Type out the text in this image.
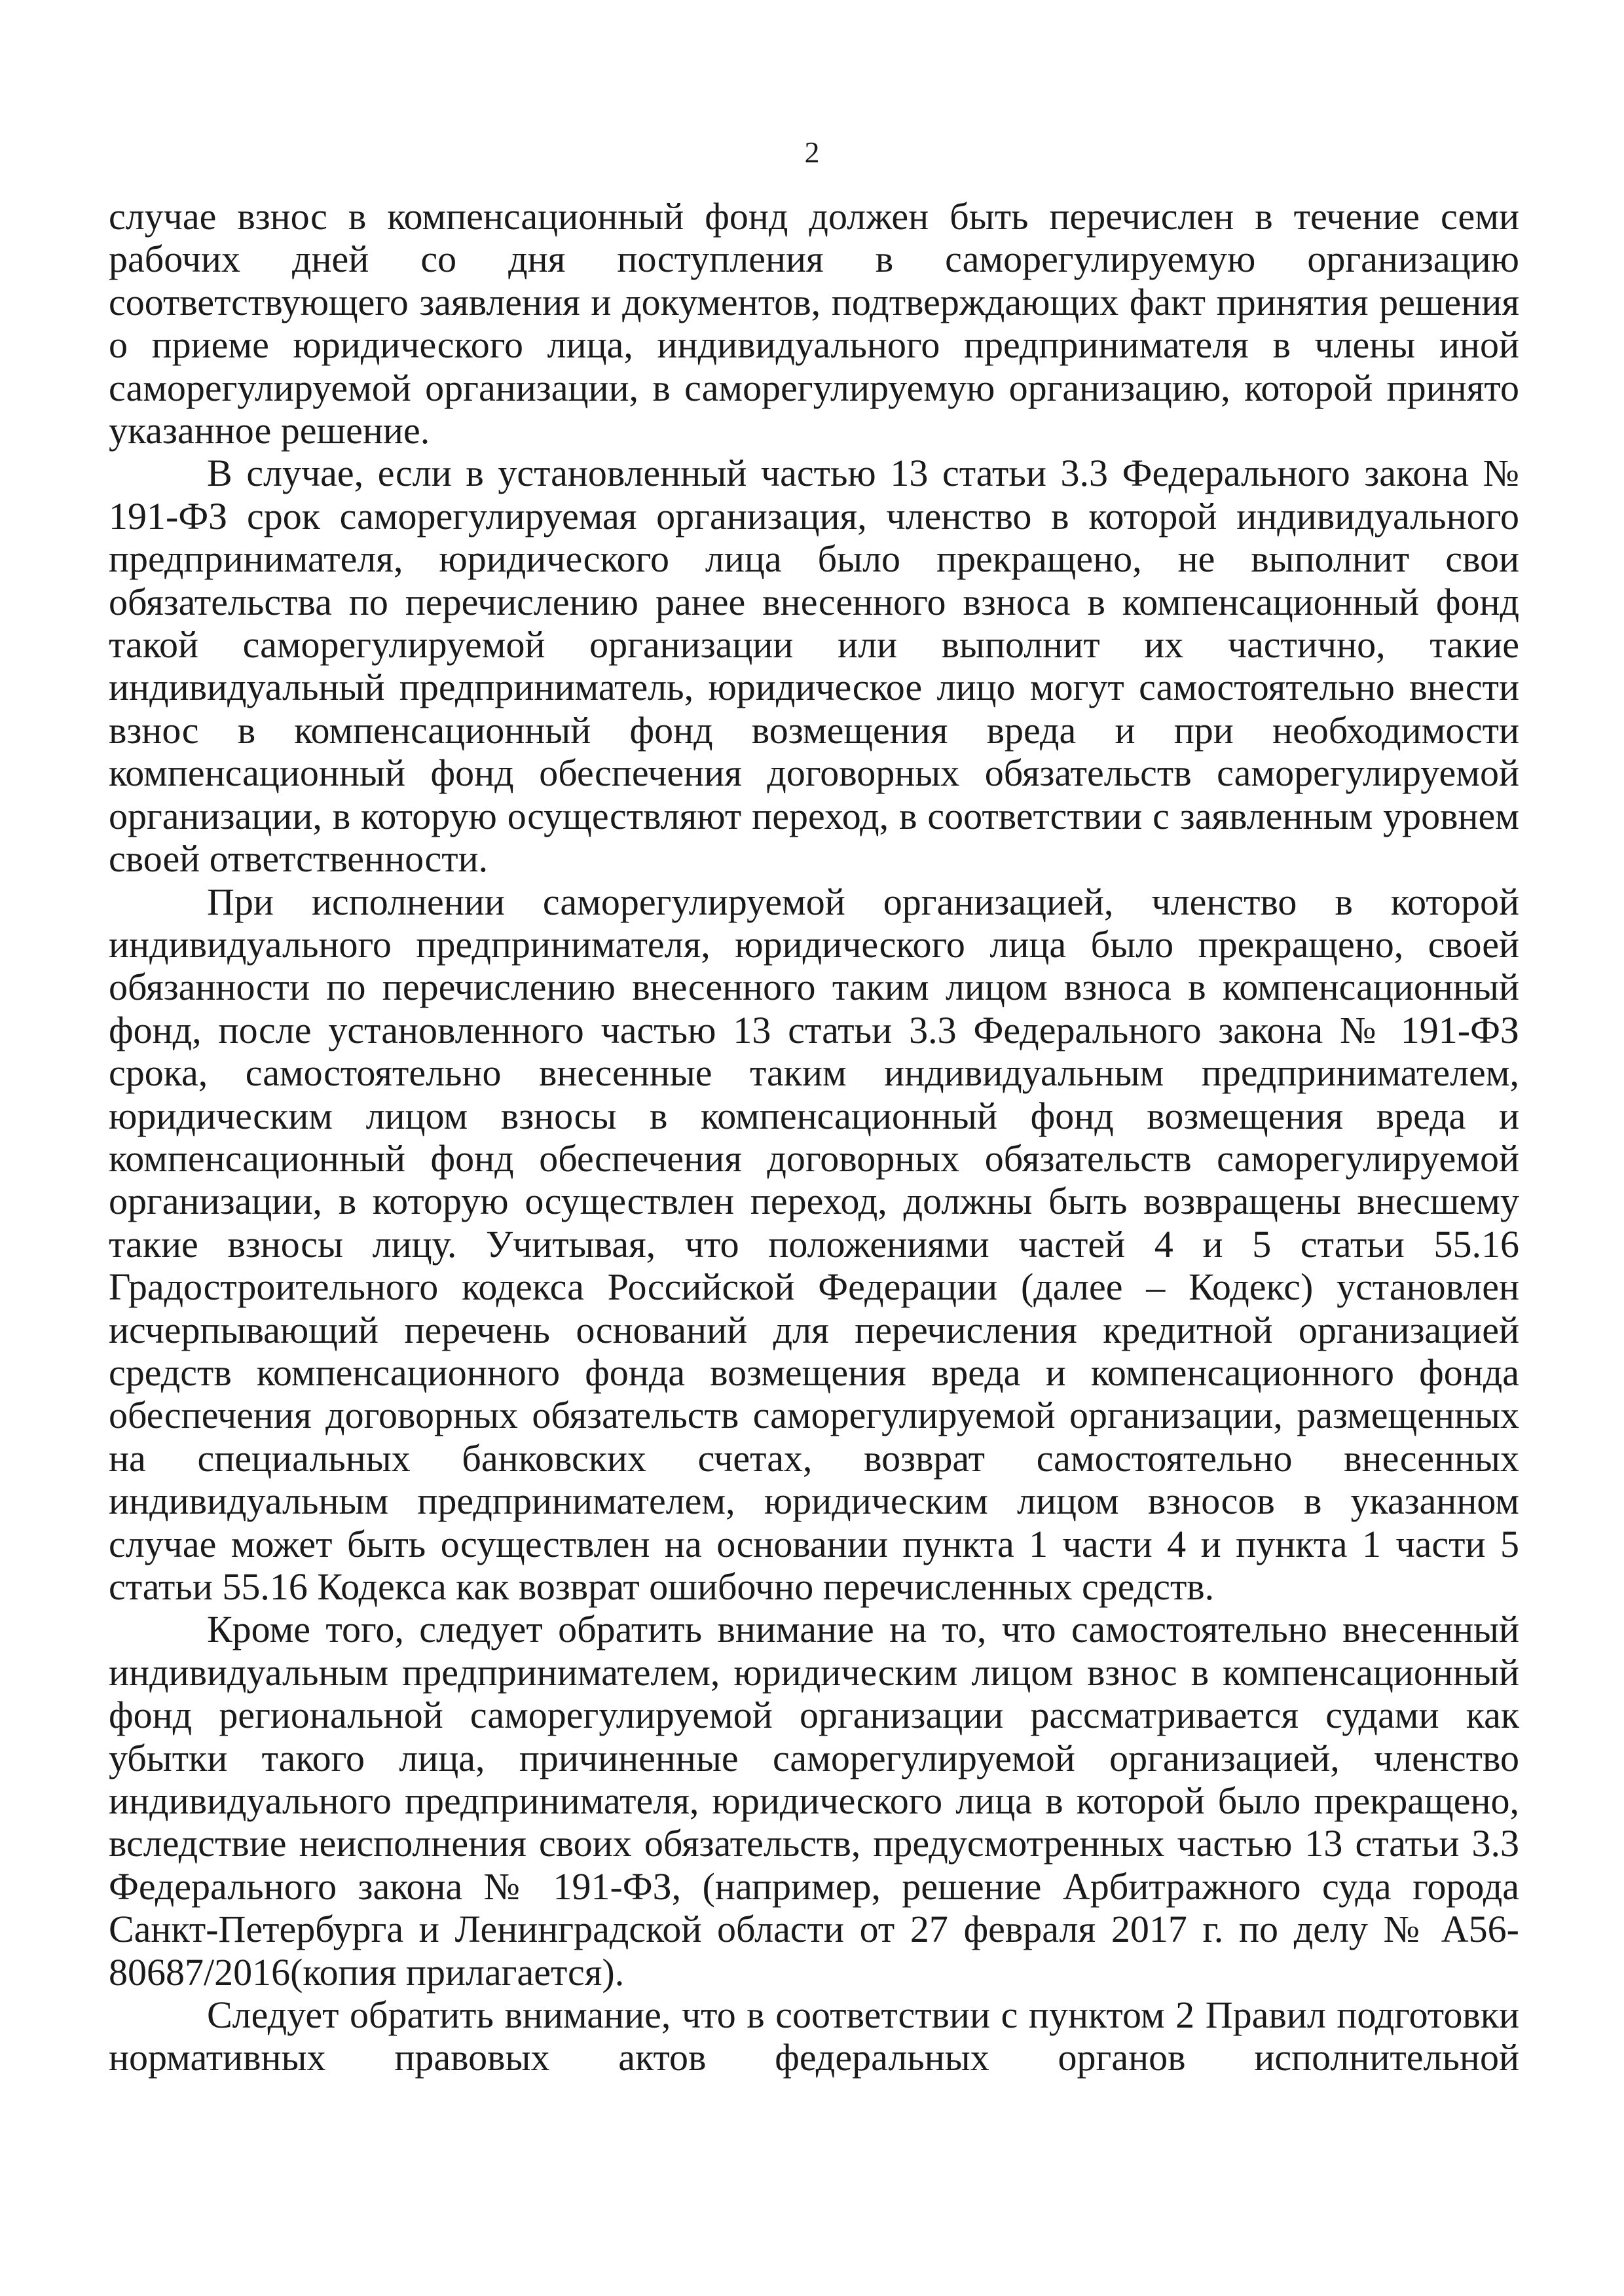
2

случае взнос в компенсационный фонд должен быть перечислен в течение семи рабочих дней со дня поступления в саморегулируемую организацию соответствующего заявления и документов, подтверждающих факт принятия решения о приеме юридического лица, индивидуального предпринимателя в члены иной саморегулируемой организации, в саморегулируемую организацию, которой принято указанное решение.

В случае, если в установленный частью 13 статьи 3.3 Федерального закона № 191-ФЗ срок саморегулируемая организация, членство в которой индивидуального предпринимателя, юридического лица было прекращено, не выполнит свои обязательства по перечислению ранее внесенного взноса в компенсационный фонд такой саморегулируемой организации или выполнит их частично, такие индивидуальный предприниматель, юридическое лицо могут самостоятельно внести взнос в компенсационный фонд возмещения вреда и при необходимости компенсационный фонд обеспечения договорных обязательств саморегулируемой организации, в которую осуществляют переход, в соответствии с заявленным уровнем своей ответственности.

При исполнении саморегулируемой организацией, членство в которой индивидуального предпринимателя, юридического лица было прекращено, своей обязанности по перечислению внесенного таким лицом взноса в компенсационный фонд, после установленного частью 13 статьи 3.3 Федерального закона № 191-ФЗ срока, самостоятельно внесенные таким индивидуальным предпринимателем, юридическим лицом взносы в компенсационный фонд возмещения вреда и компенсационный фонд обеспечения договорных обязательств саморегулируемой организации, в которую осуществлен переход, должны быть возвращены внесшему такие взносы лицу. Учитывая, что положениями частей 4 и 5 статьи 55.16 Градостроительного кодекса Российской Федерации (далее – Кодекс) установлен исчерпывающий перечень оснований для перечисления кредитной организацией средств компенсационного фонда возмещения вреда и компенсационного фонда обеспечения договорных обязательств саморегулируемой организации, размещенных на специальных банковских счетах, возврат самостоятельно внесенных индивидуальным предпринимателем, юридическим лицом взносов в указанном случае может быть осуществлен на основании пункта 1 части 4 и пункта 1 части 5 статьи 55.16 Кодекса как возврат ошибочно перечисленных средств.

Кроме того, следует обратить внимание на то, что самостоятельно внесенный индивидуальным предпринимателем, юридическим лицом взнос в компенсационный фонд региональной саморегулируемой организации рассматривается судами как убытки такого лица, причиненные саморегулируемой организацией, членство индивидуального предпринимателя, юридического лица в которой было прекращено, вследствие неисполнения своих обязательств, предусмотренных частью 13 статьи 3.3 Федерального закона № 191-ФЗ, (например, решение Арбитражного суда города Санкт-Петербурга и Ленинградской области от 27 февраля 2017 г. по делу № А56-80687/2016(копия прилагается).

Следует обратить внимание, что в соответствии с пунктом 2 Правил подготовки нормативных правовых актов федеральных органов исполнительной
